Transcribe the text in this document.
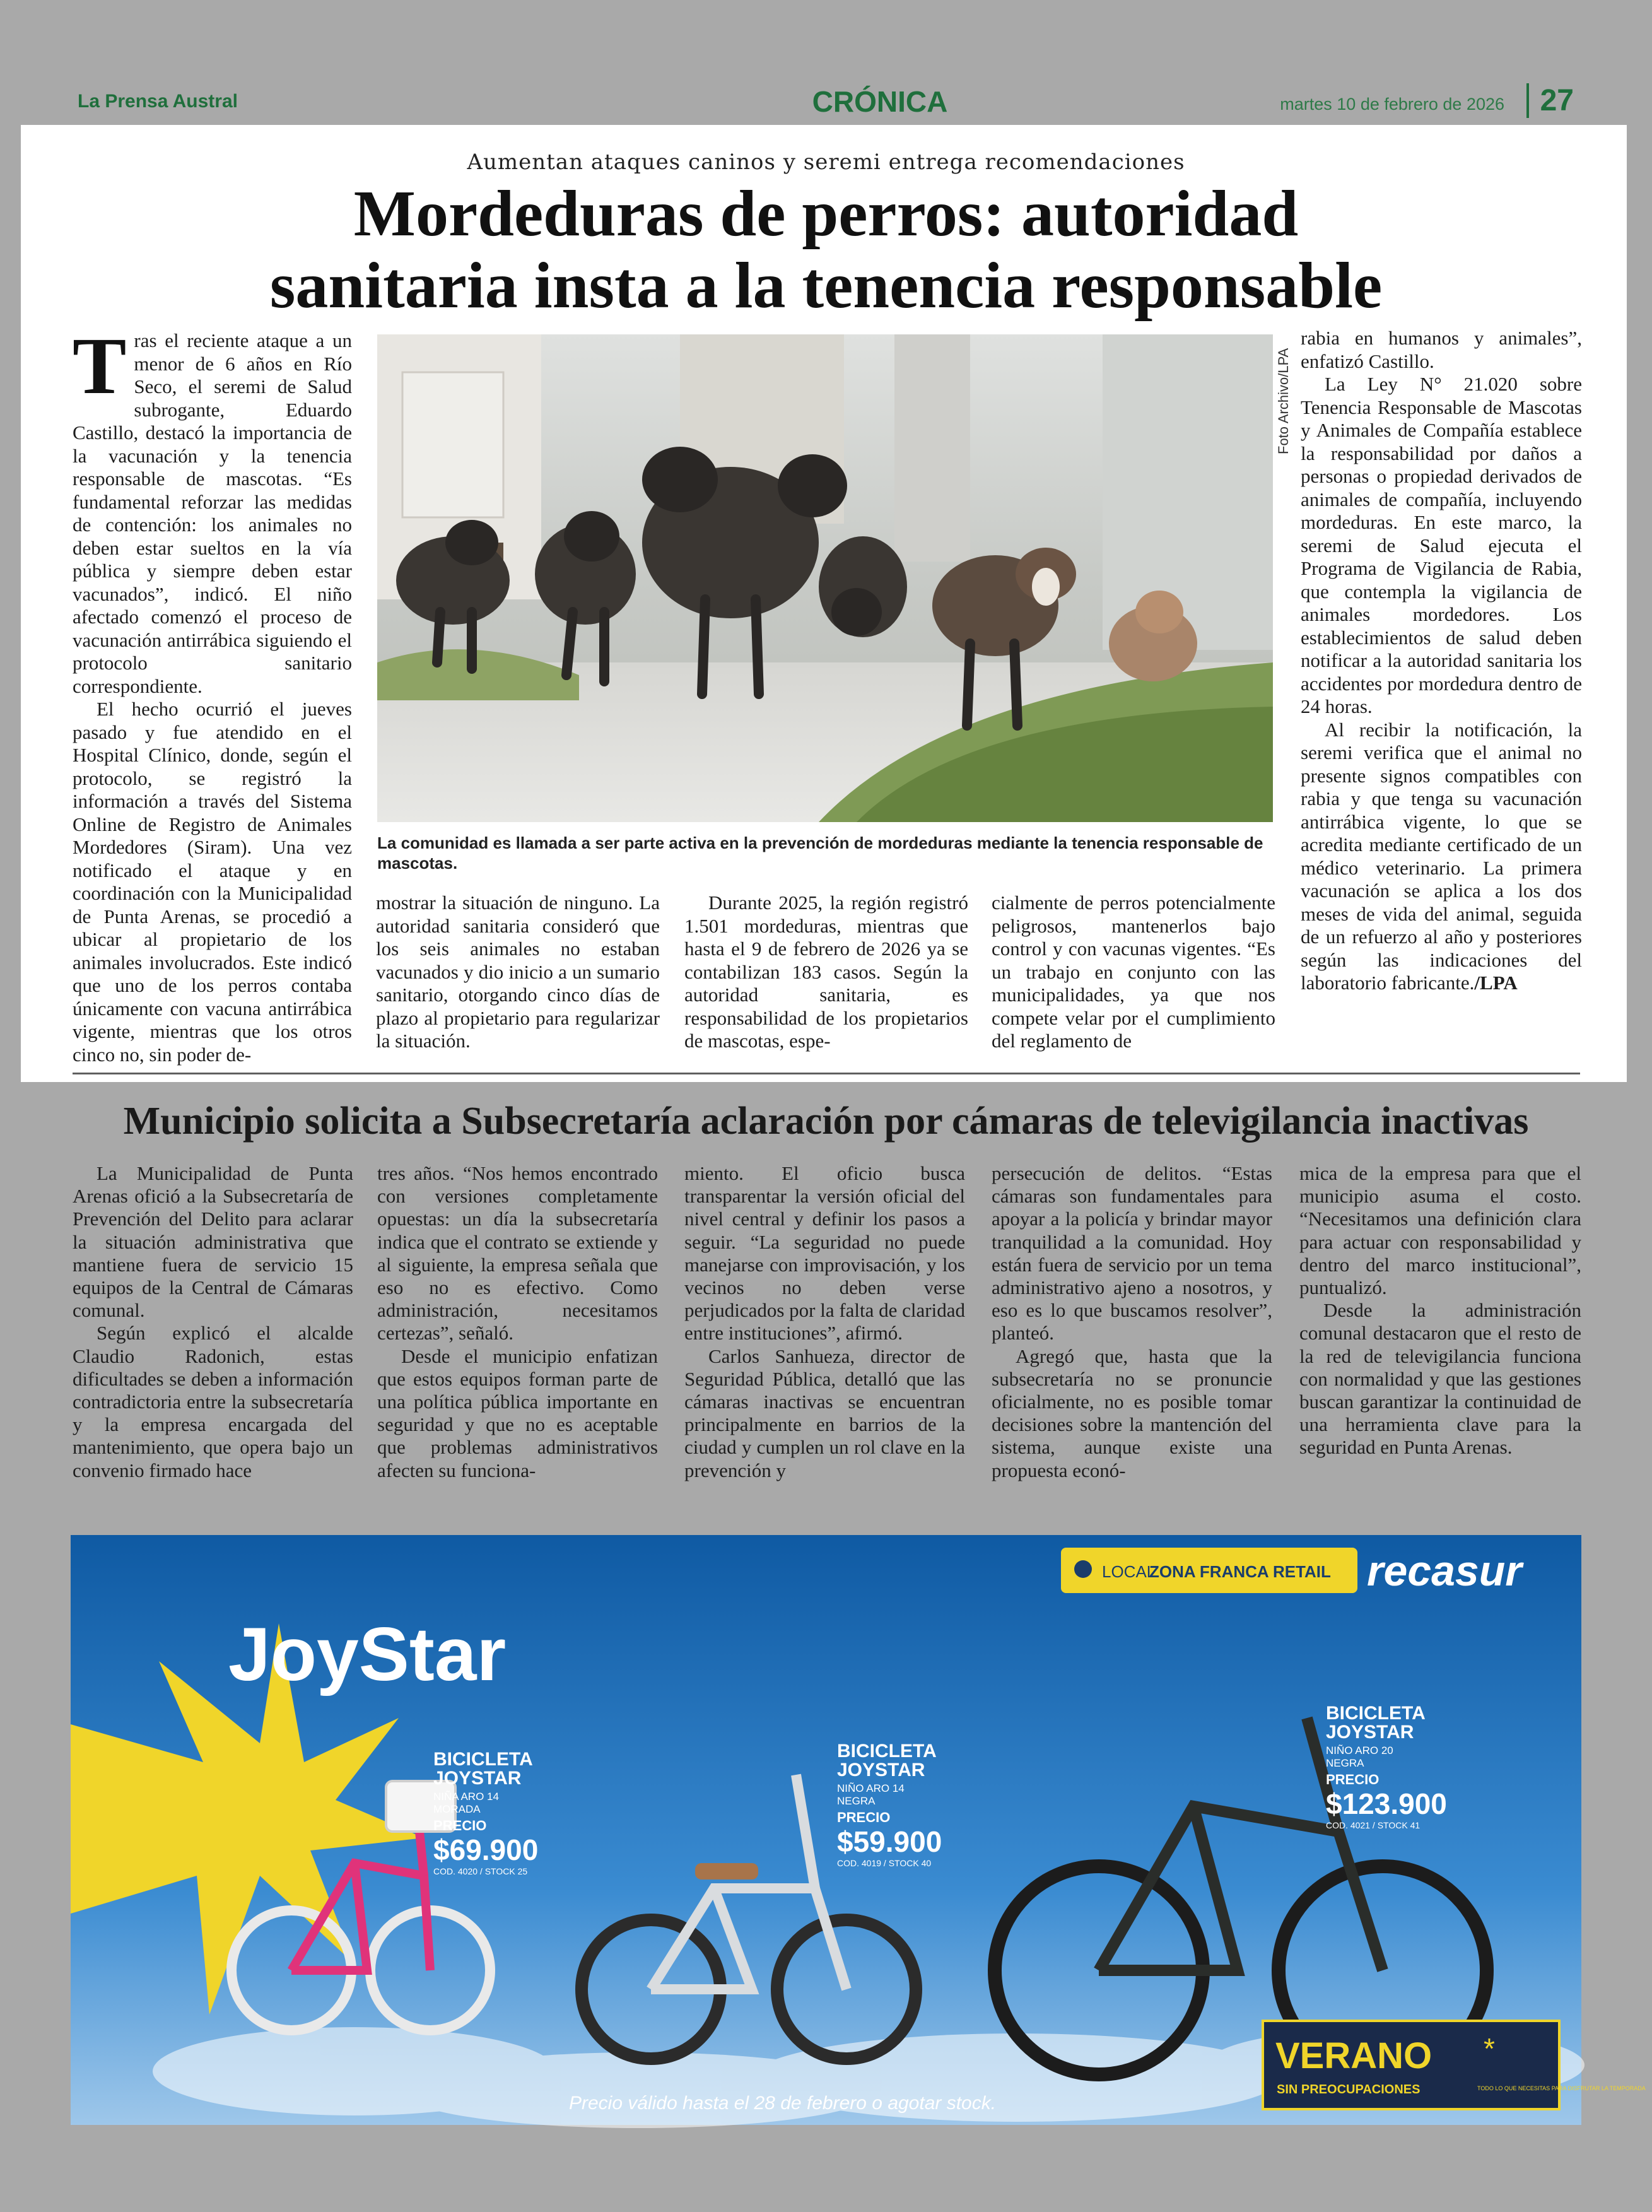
La Prensa Austral	CRÓNICA	martes 10 de febrero de 2026	27
Aumentan ataques caninos y seremi entrega recomendaciones
Mordeduras de perros: autoridad
sanitaria insta a la tenencia responsable

Tras el reciente ataque a un menor de 6 años en Río Seco, el seremi de Salud subrogante, Eduardo Castillo, destacó la importancia de la vacunación y la tenencia responsable de mascotas. “Es fundamental reforzar las medidas de contención: los animales no deben estar sueltos en la vía pública y siempre deben estar vacunados”, indicó. El niño afectado comenzó el proceso de vacunación antirrábica siguiendo el protocolo sanitario correspondiente.

El hecho ocurrió el jueves pasado y fue atendido en el Hospital Clínico, donde, según el protocolo, se registró la información a través del Sistema Online de Registro de Animales Mordedores (Siram). Una vez notificado el ataque y en coordinación con la Municipalidad de Punta Arenas, se procedió a ubicar al propietario de los animales involucrados. Este indicó que uno de los perros contaba únicamente con vacuna antirrábica vigente, mientras que los otros cinco no, sin poder de-

Foto Archivo/LPA
La comunidad es llamada a ser parte activa en la prevención de mordeduras mediante la tenencia responsable de mascotas.

mostrar la situación de ninguno. La autoridad sanitaria consideró que los seis animales no estaban vacunados y dio inicio a un sumario sanitario, otorgando cinco días de plazo al propietario para regularizar la situación.

Durante 2025, la región registró 1.501 mordeduras, mientras que hasta el 9 de febrero de 2026 ya se contabilizan 183 casos. Según la autoridad sanitaria, es responsabilidad de los propietarios de mascotas, espe-

cialmente de perros potencialmente peligrosos, mantenerlos bajo control y con vacunas vigentes. “Es un trabajo en conjunto con las municipalidades, ya que nos compete velar por el cumplimiento del reglamento de

rabia en humanos y animales”, enfatizó Castillo.

La Ley N° 21.020 sobre Tenencia Responsable de Mascotas y Animales de Compañía establece la responsabilidad por daños a personas o propiedad derivados de animales de compañía, incluyendo mordeduras. En este marco, la seremi de Salud ejecuta el Programa de Vigilancia de Rabia, que contempla la vigilancia de animales mordedores. Los establecimientos de salud deben notificar a la autoridad sanitaria los accidentes por mordedura dentro de 24 horas.

Al recibir la notificación, la seremi verifica que el animal no presente signos compatibles con rabia y que tenga su vacunación antirrábica vigente, lo que se acredita mediante certificado de un médico veterinario. La primera vacunación se aplica a los dos meses de vida del animal, seguida de un refuerzo al año y posteriores según las indicaciones del laboratorio fabricante./LPA

Municipio solicita a Subsecretaría aclaración por cámaras de televigilancia inactivas

La Municipalidad de Punta Arenas ofició a la Subsecretaría de Prevención del Delito para aclarar la situación administrativa que mantiene fuera de servicio 15 equipos de la Central de Cámaras comunal.

Según explicó el alcalde Claudio Radonich, estas dificultades se deben a información contradictoria entre la subsecretaría y la empresa encargada del mantenimiento, que opera bajo un convenio firmado hace

tres años. “Nos hemos encontrado con versiones completamente opuestas: un día la subsecretaría indica que el contrato se extiende y al siguiente, la empresa señala que eso no es efectivo. Como administración, necesitamos certezas”, señaló.

Desde el municipio enfatizan que estos equipos forman parte de una política pública importante en seguridad y que no es aceptable que problemas administrativos afecten su funciona-

miento. El oficio busca transparentar la versión oficial del nivel central y definir los pasos a seguir. “La seguridad no puede manejarse con improvisación, y los vecinos no deben verse perjudicados por la falta de claridad entre instituciones”, afirmó.

Carlos Sanhueza, director de Seguridad Pública, detalló que las cámaras inactivas se encuentran principalmente en barrios de la ciudad y cumplen un rol clave en la prevención y

persecución de delitos. “Estas cámaras son fundamentales para apoyar a la policía y brindar mayor tranquilidad a la comunidad. Hoy están fuera de servicio por un tema administrativo ajeno a nosotros, y eso es lo que buscamos resolver”, planteó.

Agregó que, hasta que la subsecretaría no se pronuncie oficialmente, no es posible tomar decisiones sobre la mantención del sistema, aunque existe una propuesta econó-

mica de la empresa para que el municipio asuma el costo. “Necesitamos una definición clara para actuar con responsabilidad y dentro del marco institucional”, puntualizó.

Desde la administración comunal destacaron que el resto de la red de televigilancia funciona con normalidad y que las gestiones buscan garantizar la continuidad de una herramienta clave para la seguridad en Punta Arenas.

LOCAL
ZONA FRANCA RETAIL recasur
JoyStar
BICICLETA
JOYSTAR
NIÑA ARO 14
MORADA
PRECIO
$69.900
COD. 4020 / STOCK 25
BICICLETA
JOYSTAR
NIÑO ARO 14
NEGRA
PRECIO
$59.900
COD. 4019 / STOCK 40
BICICLETA
JOYSTAR
NIÑO ARO 20
NEGRA
PRECIO
$123.900
COD. 4021 / STOCK 41
Precio válido hasta el 28 de febrero o agotar stock.
VERANO
SIN PREOCUPACIONES
*
TODO LO QUE NECESITAS PARA DISFRUTAR LA TEMPORADA
